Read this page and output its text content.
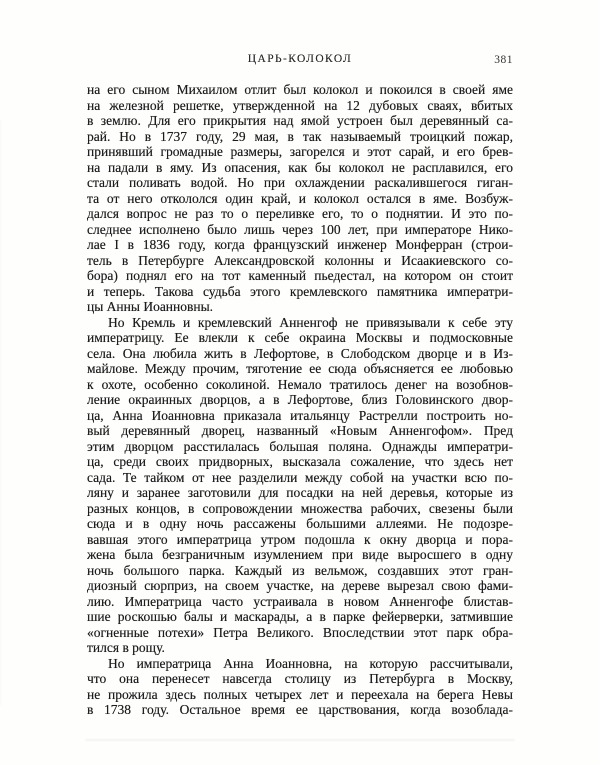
ЦАРЬ-КОЛОКОЛ	381
на его сыном Михаилом отлит был колокол и покоился в своей яме
на железной решетке, утвержденной на 12 дубовых сваях, вбитых
в землю. Для его прикрытия над ямой устроен был деревянный са-
рай. Но в 1737 году, 29 мая, в так называемый троицкий пожар,
принявший громадные размеры, загорелся и этот сарай, и его брев-
на падали в яму. Из опасения, как бы колокол не расплавился, его
стали поливать водой. Но при охлаждении раскалившегося гиган-
та от него откололся один край, и колокол остался в яме. Возбуж-
дался вопрос не раз то о переливке его, то о поднятии. И это по-
следнее исполнено было лишь через 100 лет, при императоре Нико-
лае I в 1836 году, когда французский инженер Монферран (строи-
тель в Петербурге Александровской колонны и Исаакиевского со-
бора) поднял его на тот каменный пьедестал, на котором он стоит
и теперь. Такова судьба этого кремлевского памятника императри-
цы Анны Иоанновны.
Но Кремль и кремлевский Анненгоф не привязывали к себе эту
императрицу. Ее влекли к себе окраина Москвы и подмосковные
села. Она любила жить в Лефортове, в Слободском дворце и в Из-
майлове. Между прочим, тяготение ее сюда объясняется ее любовью
к охоте, особенно соколиной. Немало тратилось денег на возобнов-
ление окраинных дворцов, а в Лефортове, близ Головинского двор-
ца, Анна Иоанновна приказала итальянцу Растрелли построить но-
вый деревянный дворец, названный «Новым Анненгофом». Пред
этим дворцом расстилалась большая поляна. Однажды императри-
ца, среди своих придворных, высказала сожаление, что здесь нет
сада. Те тайком от нее разделили между собой на участки всю по-
ляну и заранее заготовили для посадки на ней деревья, которые из
разных концов, в сопровождении множества рабочих, свезены были
сюда и в одну ночь рассажены большими аллеями. Не подозре-
вавшая этого императрица утром подошла к окну дворца и пора-
жена была безграничным изумлением при виде выросшего в одну
ночь большого парка. Каждый из вельмож, создавших этот гран-
диозный сюрприз, на своем участке, на дереве вырезал свою фами-
лию. Императрица часто устраивала в новом Анненгофе блистав-
шие роскошью балы и маскарады, а в парке фейерверки, затмившие
«огненные потехи» Петра Великого. Впоследствии этот парк обра-
тился в рощу.
Но императрица Анна Иоанновна, на которую рассчитывали,
что она перенесет навсегда столицу из Петербурга в Москву,
не прожила здесь полных четырех лет и переехала на берега Невы
в 1738 году. Остальное время ее царствования, когда возоблада-
